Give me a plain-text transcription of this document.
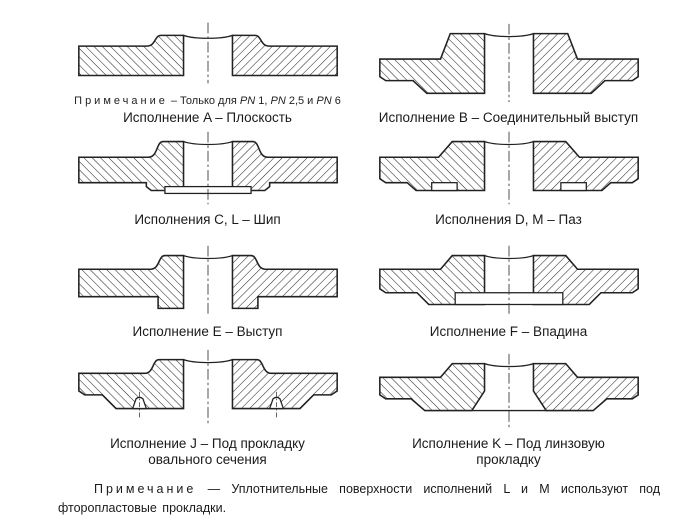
Примечание – Только для PN 1, PN 2,5 и PN 6
Исполнение A – Плоскость	Исполнение B – Соединительный выступ
Исполнения C, L – Шип	Исполнения D, M – Паз
Исполнение E – Выступ	Исполнение F – Впадина
Исполнение J – Под прокладку овального сечения
Исполнение K – Под линзовую прокладку

Примечание — Уплотнительные поверхности исполнений L и M используют под фторопластовые прокладки.
